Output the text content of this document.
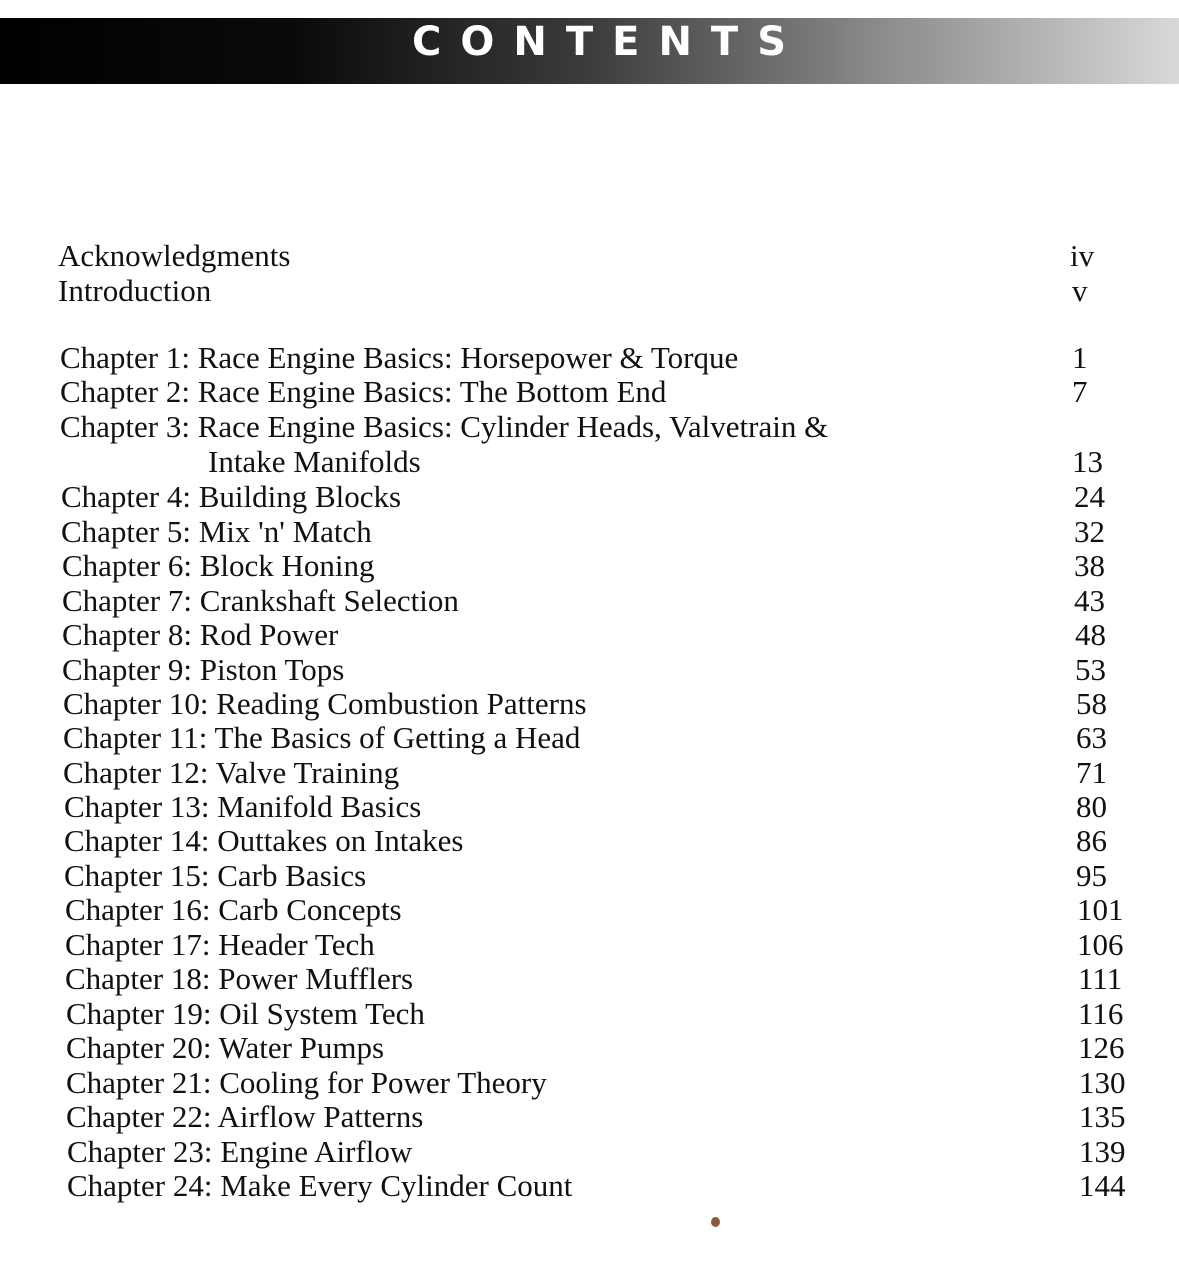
CONTENTS
Acknowledgments	iv
Introduction	v
Chapter 1: Race Engine Basics: Horsepower & Torque	1
Chapter 2: Race Engine Basics: The Bottom End	7
Chapter 3: Race Engine Basics: Cylinder Heads, Valvetrain &
Intake Manifolds	13
Chapter 4: Building Blocks	24
Chapter 5: Mix 'n' Match	32
Chapter 6: Block Honing	38
Chapter 7: Crankshaft Selection	43
Chapter 8: Rod Power	48
Chapter 9: Piston Tops	53
Chapter 10: Reading Combustion Patterns	58
Chapter 11: The Basics of Getting a Head	63
Chapter 12: Valve Training	71
Chapter 13: Manifold Basics	80
Chapter 14: Outtakes on Intakes	86
Chapter 15: Carb Basics	95
Chapter 16: Carb Concepts	101
Chapter 17: Header Tech	106
Chapter 18: Power Mufflers	111
Chapter 19: Oil System Tech	116
Chapter 20: Water Pumps	126
Chapter 21: Cooling for Power Theory	130
Chapter 22: Airflow Patterns	135
Chapter 23: Engine Airflow	139
Chapter 24: Make Every Cylinder Count	144
